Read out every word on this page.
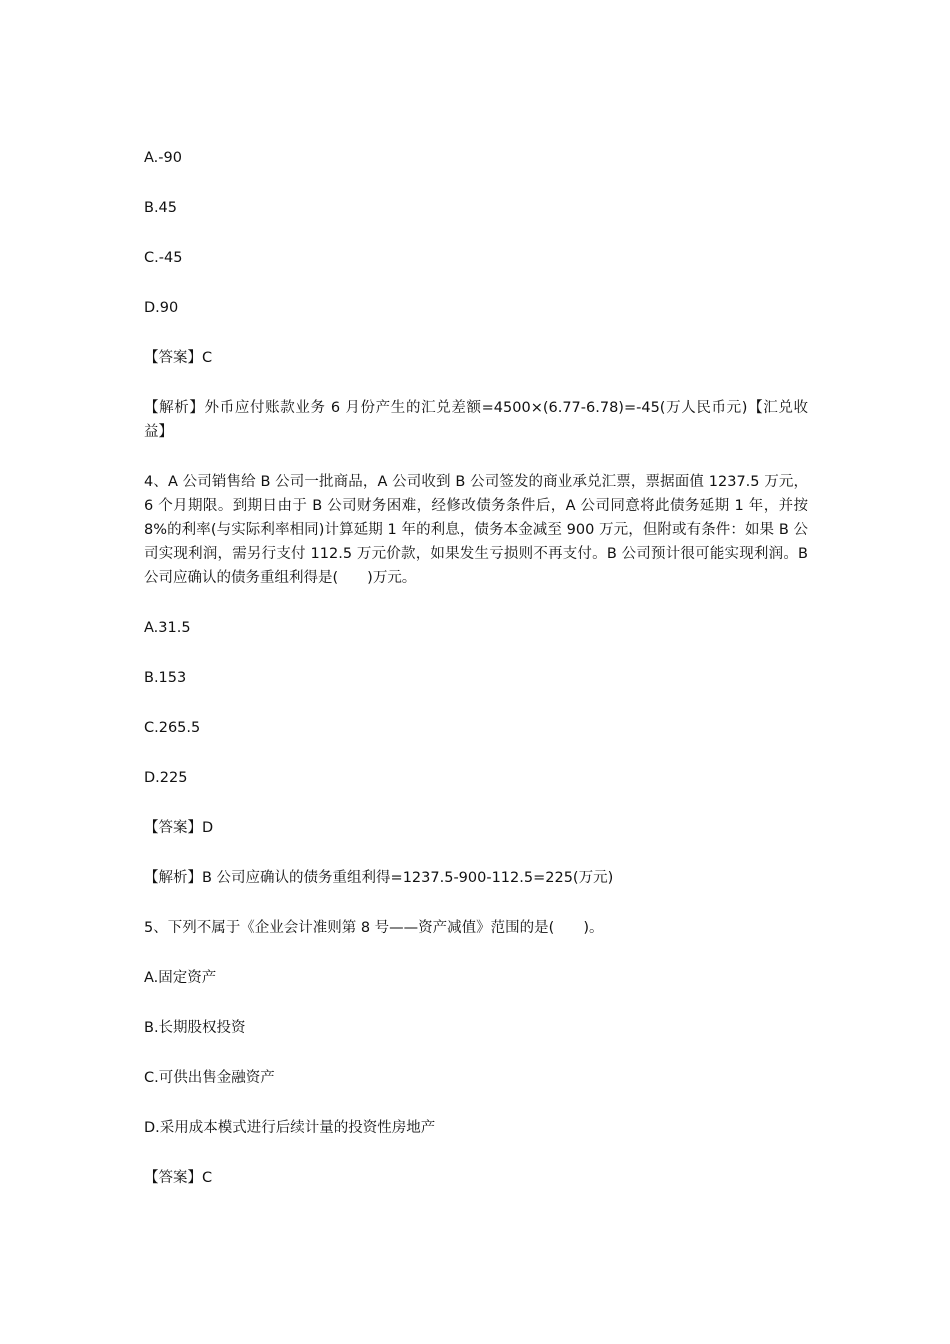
A.-90

B.45

C.-45

D.90

【答案】C

【解析】外币应付账款业务 6 月份产生的汇兑差额=4500×(6.77-6.78)=-45(万人民币元)【汇兑收益】

4、A 公司销售给 B 公司一批商品，A 公司收到 B 公司签发的商业承兑汇票，票据面值 1237.5 万元，6 个月期限。到期日由于 B 公司财务困难，经修改债务条件后，A 公司同意将此债务延期 1 年，并按 8%的利率(与实际利率相同)计算延期 1 年的利息，债务本金减至 900 万元，但附或有条件：如果 B 公司实现利润，需另行支付 112.5 万元价款，如果发生亏损则不再支付。B 公司预计很可能实现利润。B 公司应确认的债务重组利得是(　　)万元。

A.31.5

B.153

C.265.5

D.225

【答案】D

【解析】B 公司应确认的债务重组利得=1237.5-900-112.5=225(万元)

5、下列不属于《企业会计准则第 8 号——资产减值》范围的是(　　)。

A.固定资产

B.长期股权投资

C.可供出售金融资产

D.采用成本模式进行后续计量的投资性房地产

【答案】C
